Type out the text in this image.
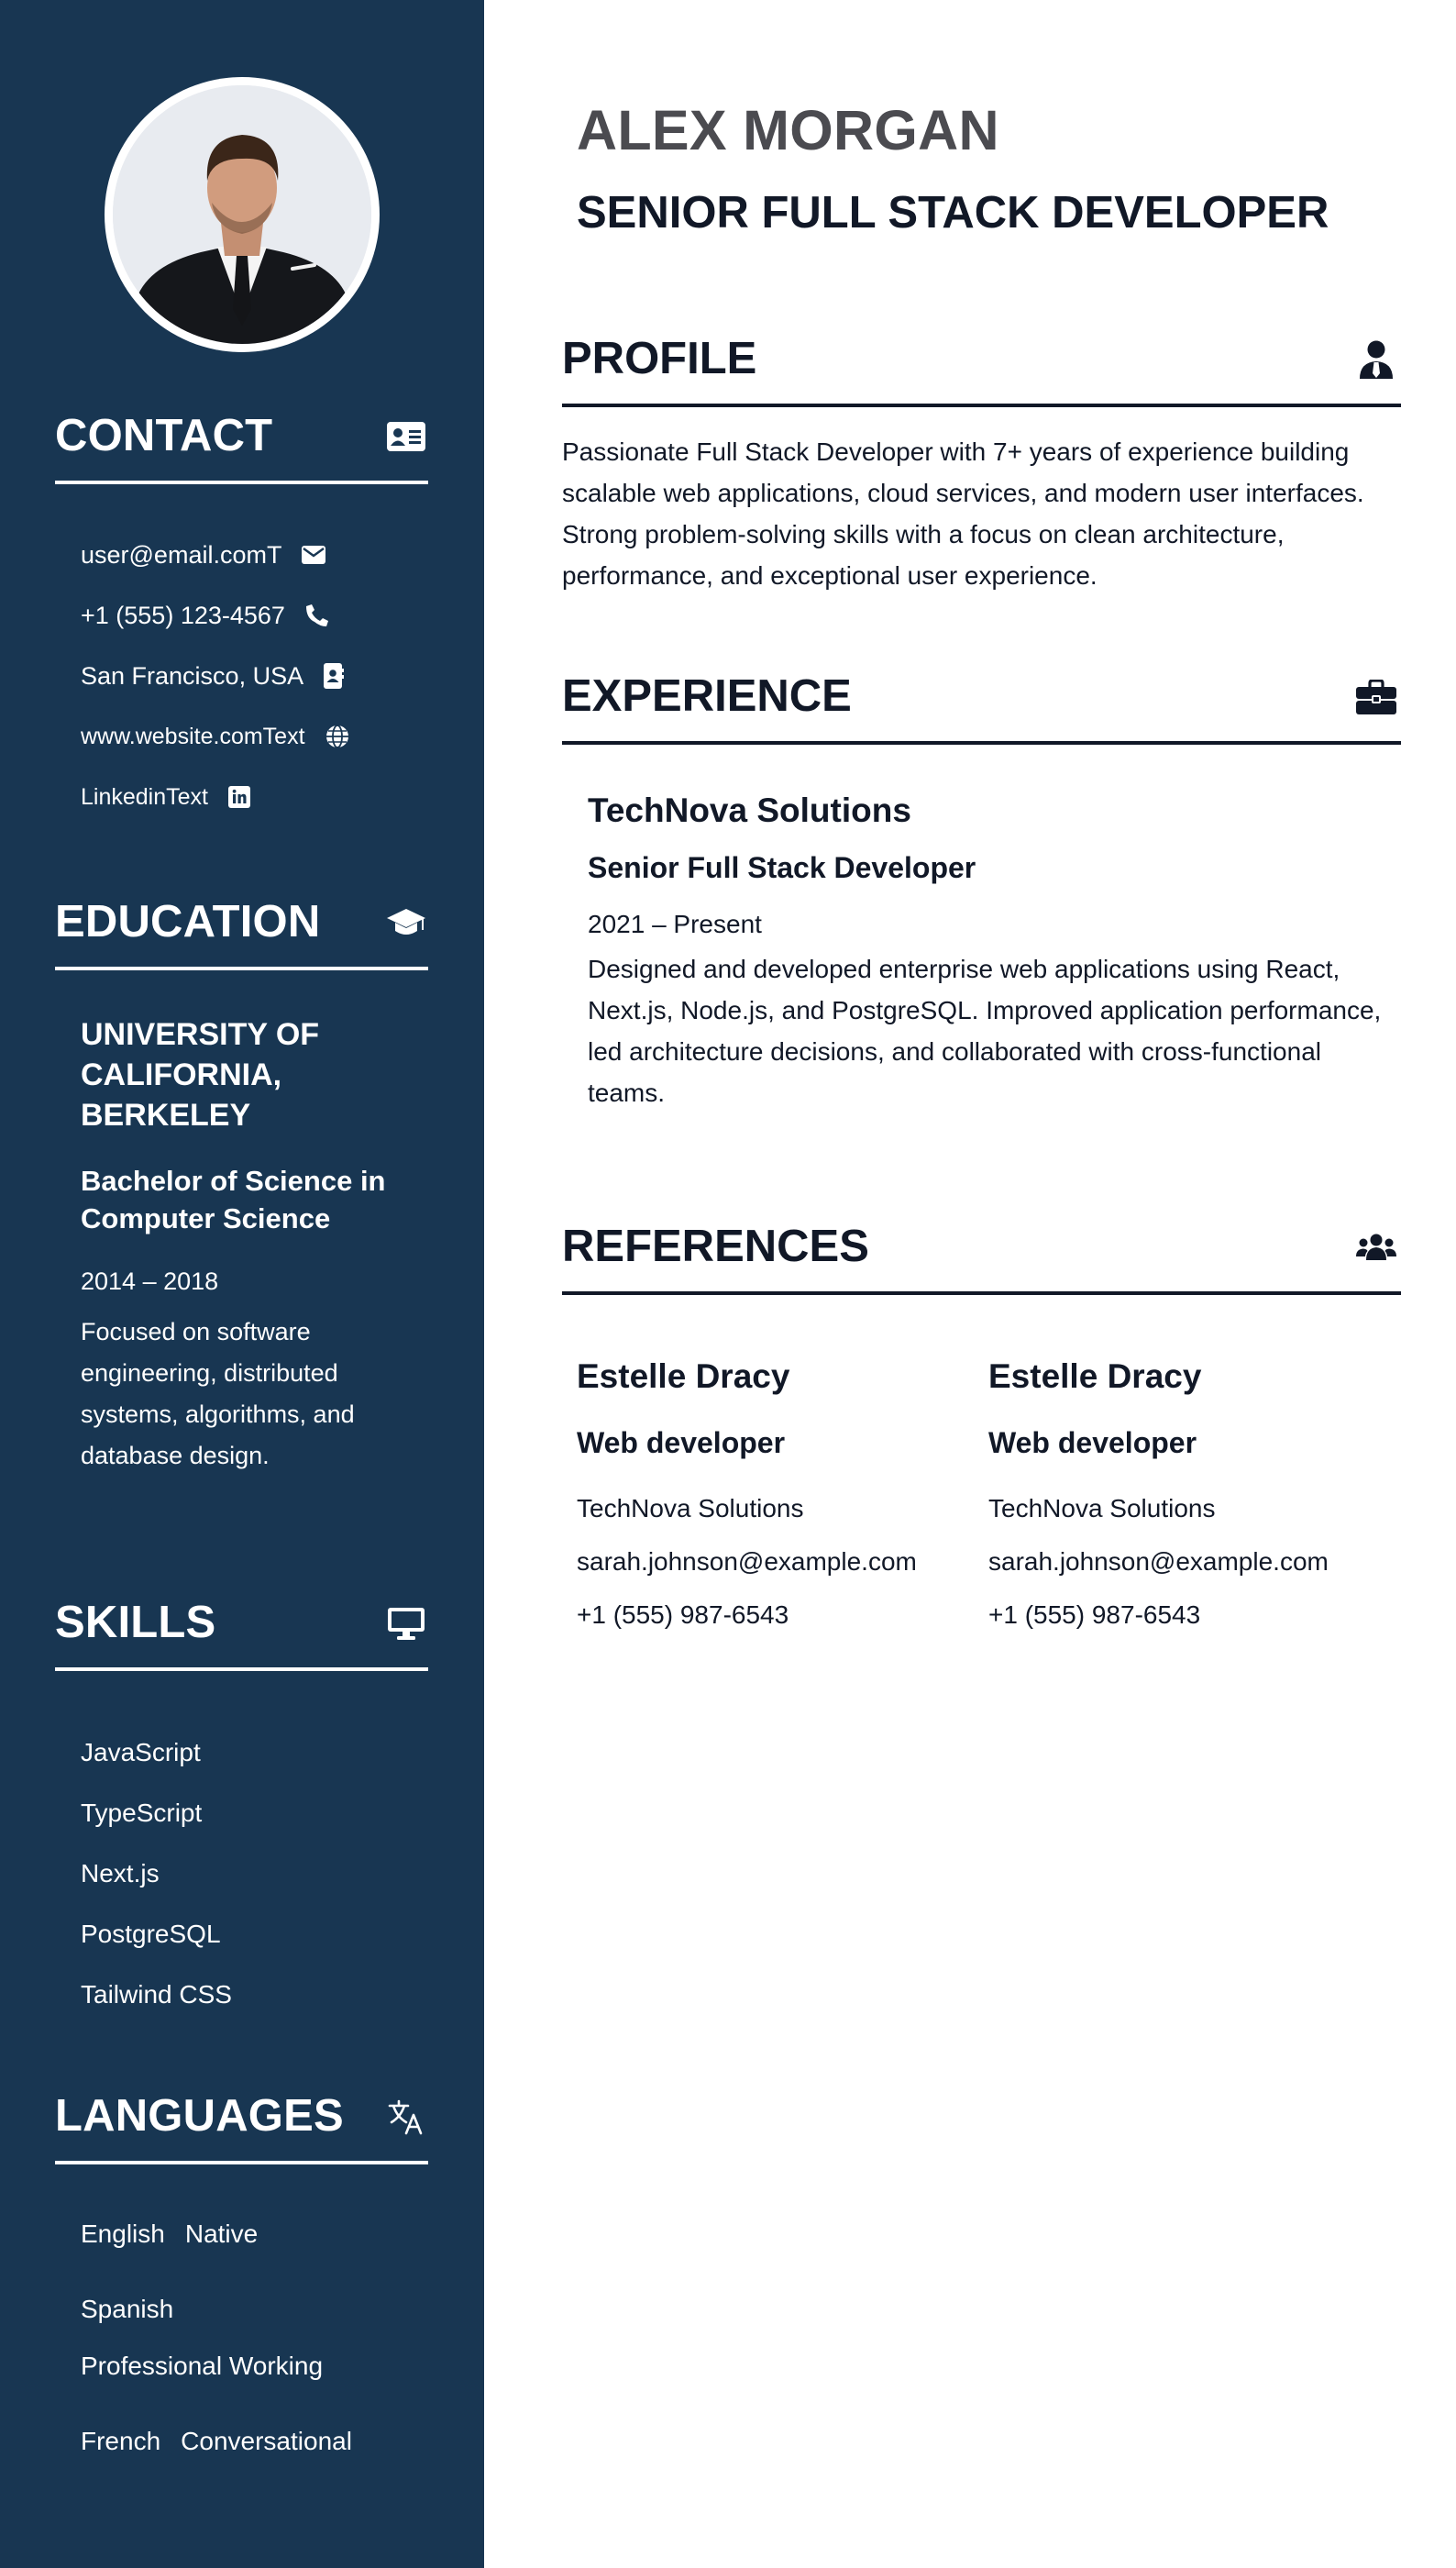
CONTACT
user@email.comT
+1 (555) 123-4567
San Francisco, USA
www.website.comText
LinkedinText
EDUCATION
UNIVERSITY OF CALIFORNIA, BERKELEY
Bachelor of Science in Computer Science
2014 – 2018
Focused on software engineering, distributed systems, algorithms, and database design.
SKILLS
JavaScript
TypeScript
Next.js
PostgreSQL
Tailwind CSS
LANGUAGES
English Native
Spanish
Professional Working
French Conversational
ALEX MORGAN
SENIOR FULL STACK DEVELOPER
PROFILE

Passionate Full Stack Developer with 7+ years of experience building scalable web applications, cloud services, and modern user interfaces. Strong problem-solving skills with a focus on clean architecture, performance, and exceptional user experience.

EXPERIENCE
TechNova Solutions
Senior Full Stack Developer
2021 – Present
Designed and developed enterprise web applications using React, Next.js, Node.js, and PostgreSQL. Improved application performance, led architecture decisions, and collaborated with cross-functional teams.
REFERENCES
Estelle Dracy
Web developer
TechNova Solutions
sarah.johnson@example.com
+1 (555) 987-6543
Estelle Dracy
Web developer
TechNova Solutions
sarah.johnson@example.com
+1 (555) 987-6543
